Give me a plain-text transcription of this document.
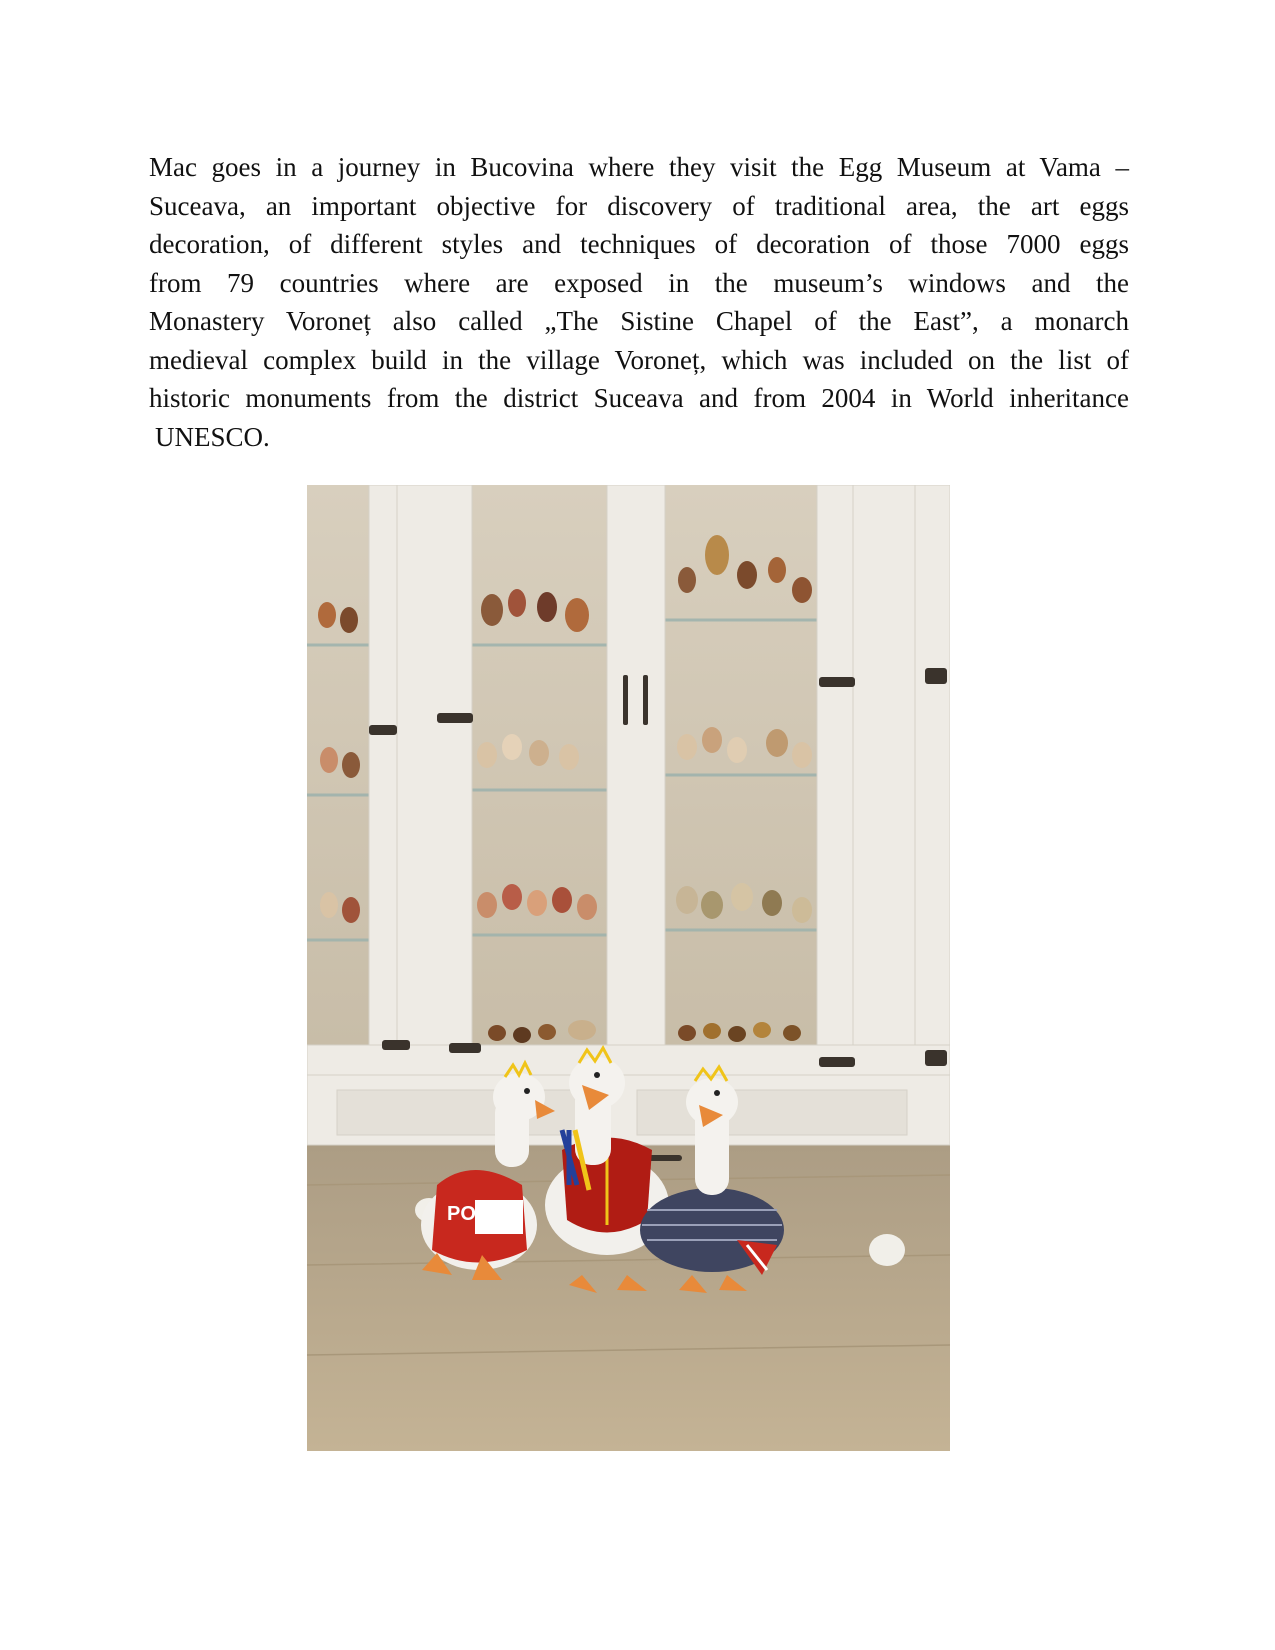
Mac goes in a journey in Bucovina where they visit the Egg Museum at Vama –
Suceava, an important objective for discovery of traditional area, the art eggs
decoration, of different styles and techniques of decoration of those 7000 eggs
from 79 countries where are exposed in the museum’s windows and the
Monastery Voroneț also called „The Sistine Chapel of the East”, a monarch
medieval complex build in the village Voroneț, which was included on the list of
historic monuments from the district Suceava and from 2004 in World inheritance
UNESCO.
POL
